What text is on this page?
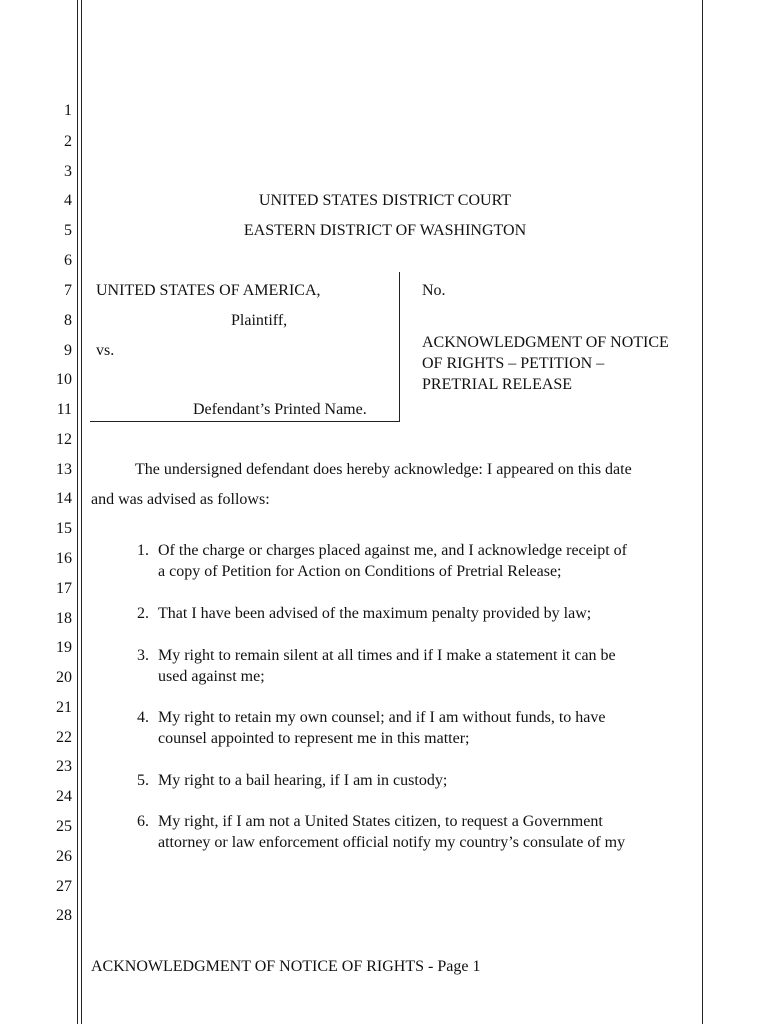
1
2
3
4
5
6
7
8
9
10
11
12
13
14
15
16
17
18
19
20
21
22
23
24
25
26
27
28
UNITED STATES DISTRICT COURT
EASTERN DISTRICT OF WASHINGTON
UNITED STATES OF AMERICA,
Plaintiff,
vs.
Defendant’s Printed Name.
No.
ACKNOWLEDGMENT OF NOTICE
OF RIGHTS – PETITION –
PRETRIAL RELEASE
The undersigned defendant does hereby acknowledge: I appeared on this date
and was advised as follows:
1. Of the charge or charges placed against me, and I acknowledge receipt of
a copy of Petition for Action on Conditions of Pretrial Release;
2. That I have been advised of the maximum penalty provided by law;
3. My right to remain silent at all times and if I make a statement it can be
used against me;
4. My right to retain my own counsel; and if I am without funds, to have
counsel appointed to represent me in this matter;
5. My right to a bail hearing, if I am in custody;
6. My right, if I am not a United States citizen, to request a Government
attorney or law enforcement official notify my country’s consulate of my
ACKNOWLEDGMENT OF NOTICE OF RIGHTS - Page 1
